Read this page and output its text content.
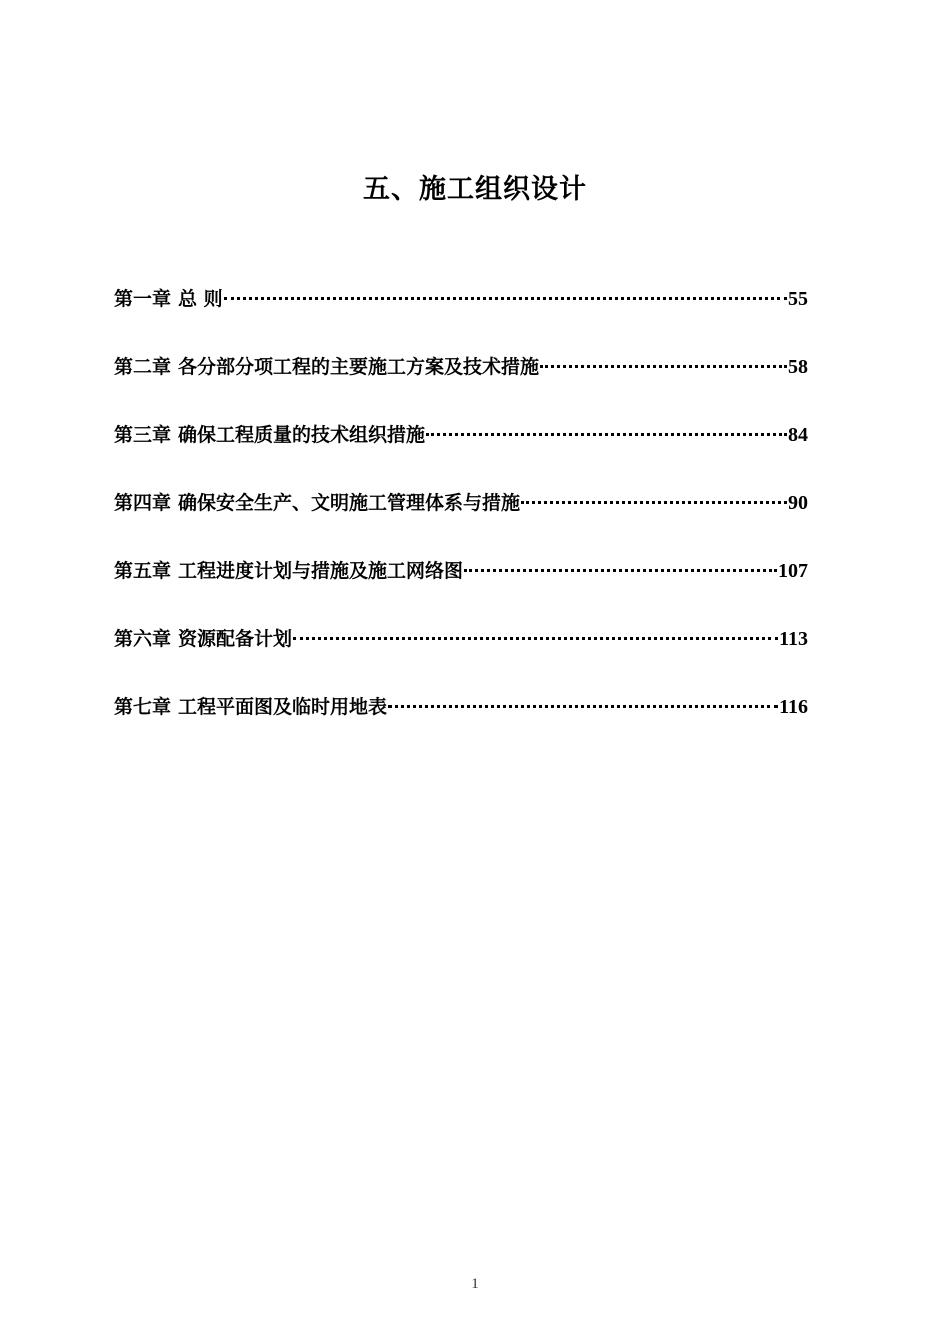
五、施工组织设计
第一章 总 则	55
第二章 各分部分项工程的主要施工方案及技术措施	58
第三章 确保工程质量的技术组织措施	84
第四章 确保安全生产、文明施工管理体系与措施	90
第五章 工程进度计划与措施及施工网络图	107
第六章 资源配备计划	113
第七章 工程平面图及临时用地表	116
1
